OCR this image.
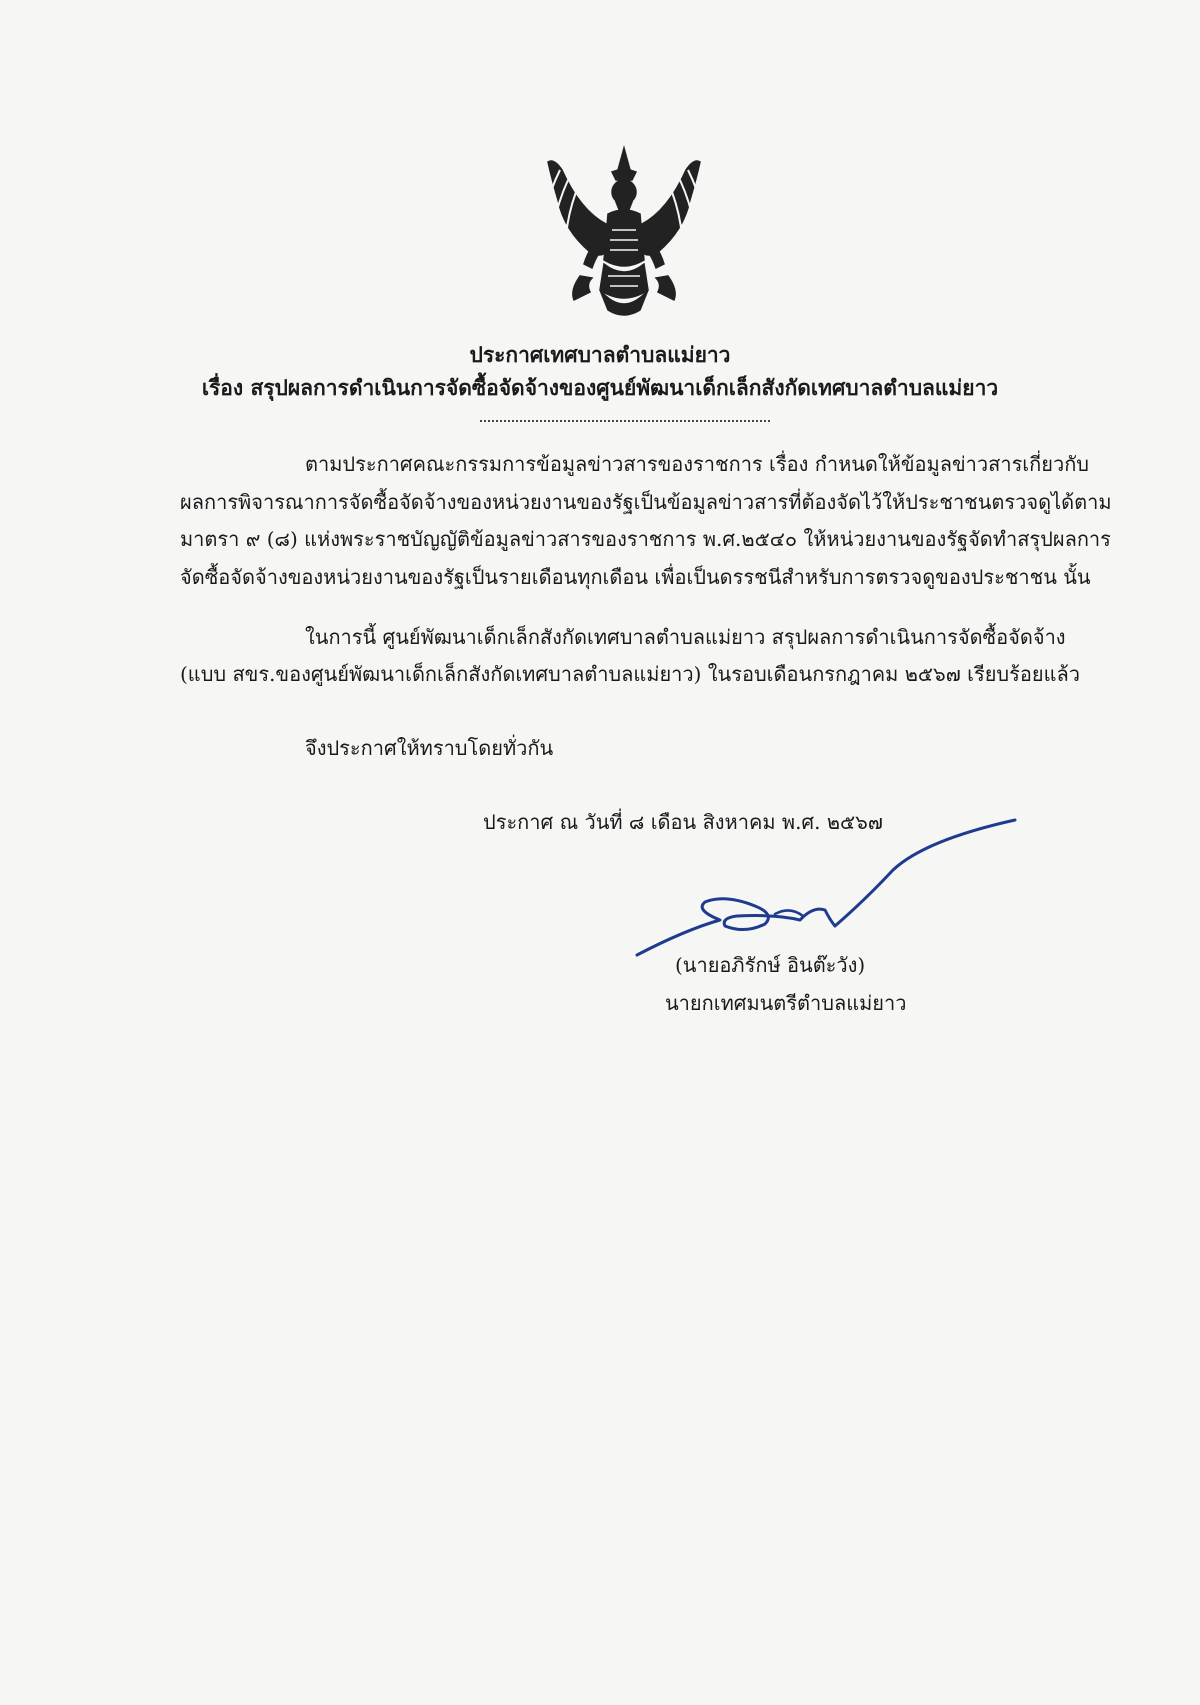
ประกาศเทศบาลตำบลแม่ยาว
เรื่อง สรุปผลการดำเนินการจัดซื้อจัดจ้างของศูนย์พัฒนาเด็กเล็กสังกัดเทศบาลตำบลแม่ยาว
ตามประกาศคณะกรรมการข้อมูลข่าวสารของราชการ เรื่อง กำหนดให้ข้อมูลข่าวสารเกี่ยวกับ
ผลการพิจารณาการจัดซื้อจัดจ้างของหน่วยงานของรัฐเป็นข้อมูลข่าวสารที่ต้องจัดไว้ให้ประชาชนตรวจดูได้ตาม
มาตรา ๙ (๘) แห่งพระราชบัญญัติข้อมูลข่าวสารของราชการ พ.ศ.๒๕๔๐ ให้หน่วยงานของรัฐจัดทำสรุปผลการ
จัดซื้อจัดจ้างของหน่วยงานของรัฐเป็นรายเดือนทุกเดือน เพื่อเป็นดรรชนีสำหรับการตรวจดูของประชาชน นั้น
ในการนี้ ศูนย์พัฒนาเด็กเล็กสังกัดเทศบาลตำบลแม่ยาว สรุปผลการดำเนินการจัดซื้อจัดจ้าง
(แบบ สขร.ของศูนย์พัฒนาเด็กเล็กสังกัดเทศบาลตำบลแม่ยาว) ในรอบเดือนกรกฎาคม ๒๕๖๗ เรียบร้อยแล้ว
จึงประกาศให้ทราบโดยทั่วกัน
ประกาศ ณ วันที่ ๘ เดือน สิงหาคม พ.ศ. ๒๕๖๗
(นายอภิรักษ์ อินต๊ะวัง)
นายกเทศมนตรีตำบลแม่ยาว
